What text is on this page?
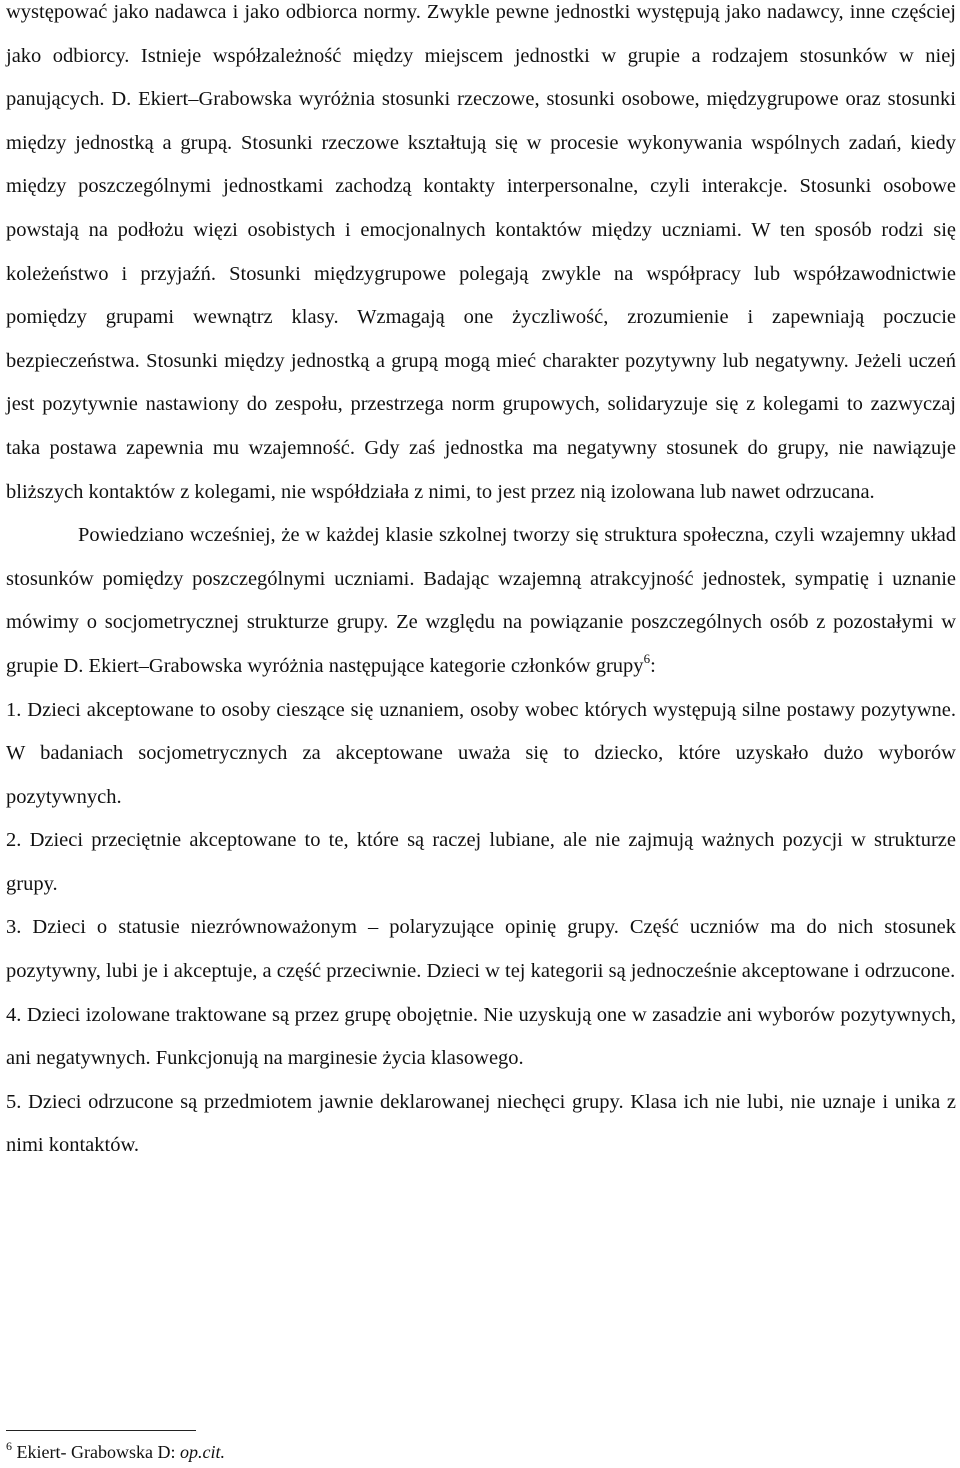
występować jako nadawca i jako odbiorca normy. Zwykle pewne jednostki występują jako nadawcy, inne częściej jako odbiorcy. Istnieje współzależność między miejscem jednostki w grupie a rodzajem stosunków w niej panujących. D. Ekiert–Grabowska wyróżnia stosunki rzeczowe, stosunki osobowe, międzygrupowe oraz stosunki między jednostką a grupą. Stosunki rzeczowe kształtują się w procesie wykonywania wspólnych zadań, kiedy między poszczególnymi jednostkami zachodzą kontakty interpersonalne, czyli interakcje. Stosunki osobowe powstają na podłożu więzi osobistych i emocjonalnych kontaktów między uczniami. W ten sposób rodzi się koleżeństwo i przyjaźń. Stosunki międzygrupowe polegają zwykle na współpracy lub współzawodnictwie pomiędzy grupami wewnątrz klasy. Wzmagają one życzliwość, zrozumienie i zapewniają poczucie bezpieczeństwa. Stosunki między jednostką a grupą mogą mieć charakter pozytywny lub negatywny. Jeżeli uczeń jest pozytywnie nastawiony do zespołu, przestrzega norm grupowych, solidaryzuje się z kolegami to zazwyczaj taka postawa zapewnia mu wzajemność. Gdy zaś jednostka ma negatywny stosunek do grupy, nie nawiązuje bliższych kontaktów z kolegami, nie współdziała z nimi, to jest przez nią izolowana lub nawet odrzucana.

Powiedziano wcześniej, że w każdej klasie szkolnej tworzy się struktura społeczna, czyli wzajemny układ stosunków pomiędzy poszczególnymi uczniami. Badając wzajemną atrakcyjność jednostek, sympatię i uznanie mówimy o socjometrycznej strukturze grupy. Ze względu na powiązanie poszczególnych osób z pozostałymi w grupie D. Ekiert–Grabowska wyróżnia następujące kategorie członków grupy$^6$:

1. Dzieci akceptowane to osoby cieszące się uznaniem, osoby wobec których występują silne postawy pozytywne. W badaniach socjometrycznych za akceptowane uważa się to dziecko, które uzyskało dużo wyborów pozytywnych.

2. Dzieci przeciętnie akceptowane to te, które są raczej lubiane, ale nie zajmują ważnych pozycji w strukturze grupy.

3. Dzieci o statusie niezrównoważonym – polaryzujące opinię grupy. Część uczniów ma do nich stosunek pozytywny, lubi je i akceptuje, a część przeciwnie. Dzieci w tej kategorii są jednocześnie akceptowane i odrzucone.

4. Dzieci izolowane traktowane są przez grupę obojętnie. Nie uzyskują one w zasadzie ani wyborów pozytywnych, ani negatywnych. Funkcjonują na marginesie życia klasowego.

5. Dzieci odrzucone są przedmiotem jawnie deklarowanej niechęci grupy. Klasa ich nie lubi, nie uznaje i unika z nimi kontaktów.

$^6$ Ekiert- Grabowska D: op.cit.
